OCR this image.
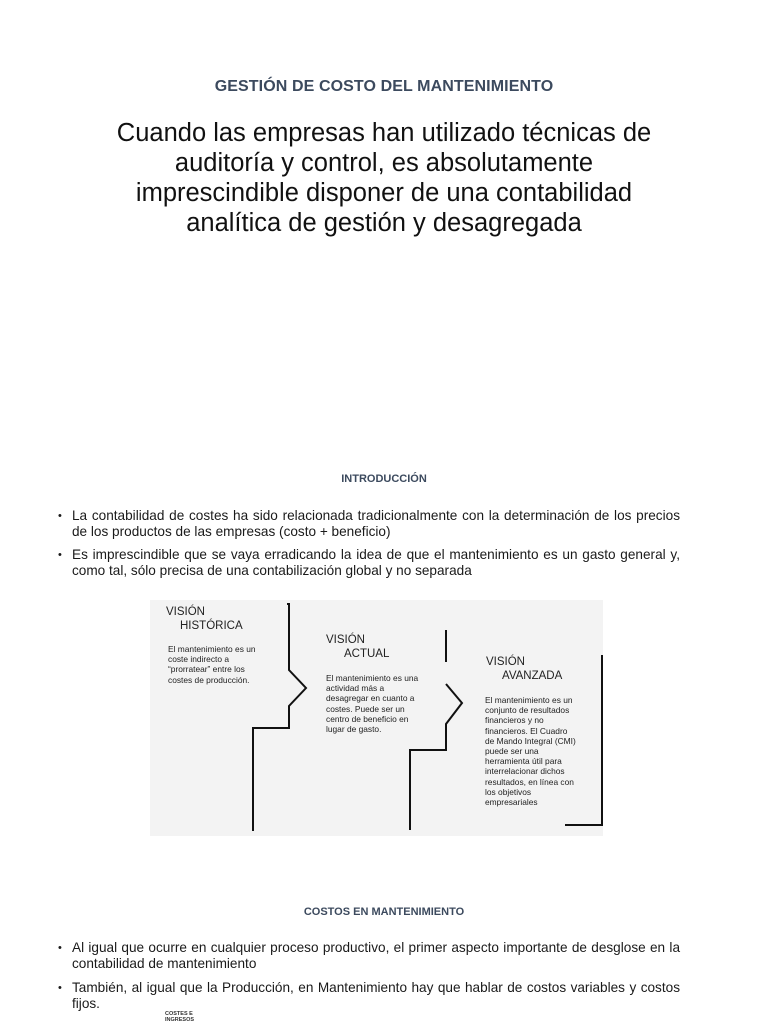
GESTIÓN DE COSTO DEL MANTENIMIENTO
Cuando las empresas han utilizado técnicas de
auditoría y control, es absolutamente
imprescindible disponer de una contabilidad
analítica de gestión y desagregada
INTRODUCCIÓN
• La contabilidad de costes ha sido relacionada tradicionalmente con la determinación de los precios de los productos de las empresas (costo + beneficio)
• Es imprescindible que se vaya erradicando la idea de que el mantenimiento es un gasto general y, como tal, sólo precisa de una contabilización global y no separada
VISIÓN
HISTÓRICA
El mantenimiento es un
coste indirecto a
“prorratear” entre los
costes de producción.
VISIÓN
ACTUAL
El mantenimiento es una
actividad más a
desagregar en cuanto a
costes. Puede ser un
centro de beneficio en
lugar de gasto.
VISIÓN
AVANZADA
El mantenimiento es un
conjunto de resultados
financieros y no
financieros. El Cuadro
de Mando Integral (CMI)
puede ser una
herramienta útil para
interrelacionar dichos
resultados, en línea con
los objetivos
empresariales
COSTOS EN MANTENIMIENTO
• Al igual que ocurre en cualquier proceso productivo, el primer aspecto importante de desglose en la contabilidad de mantenimiento
• También, al igual que la Producción, en Mantenimiento hay que hablar de costos variables y costos fijos.
COSTES E
INGRESOS
